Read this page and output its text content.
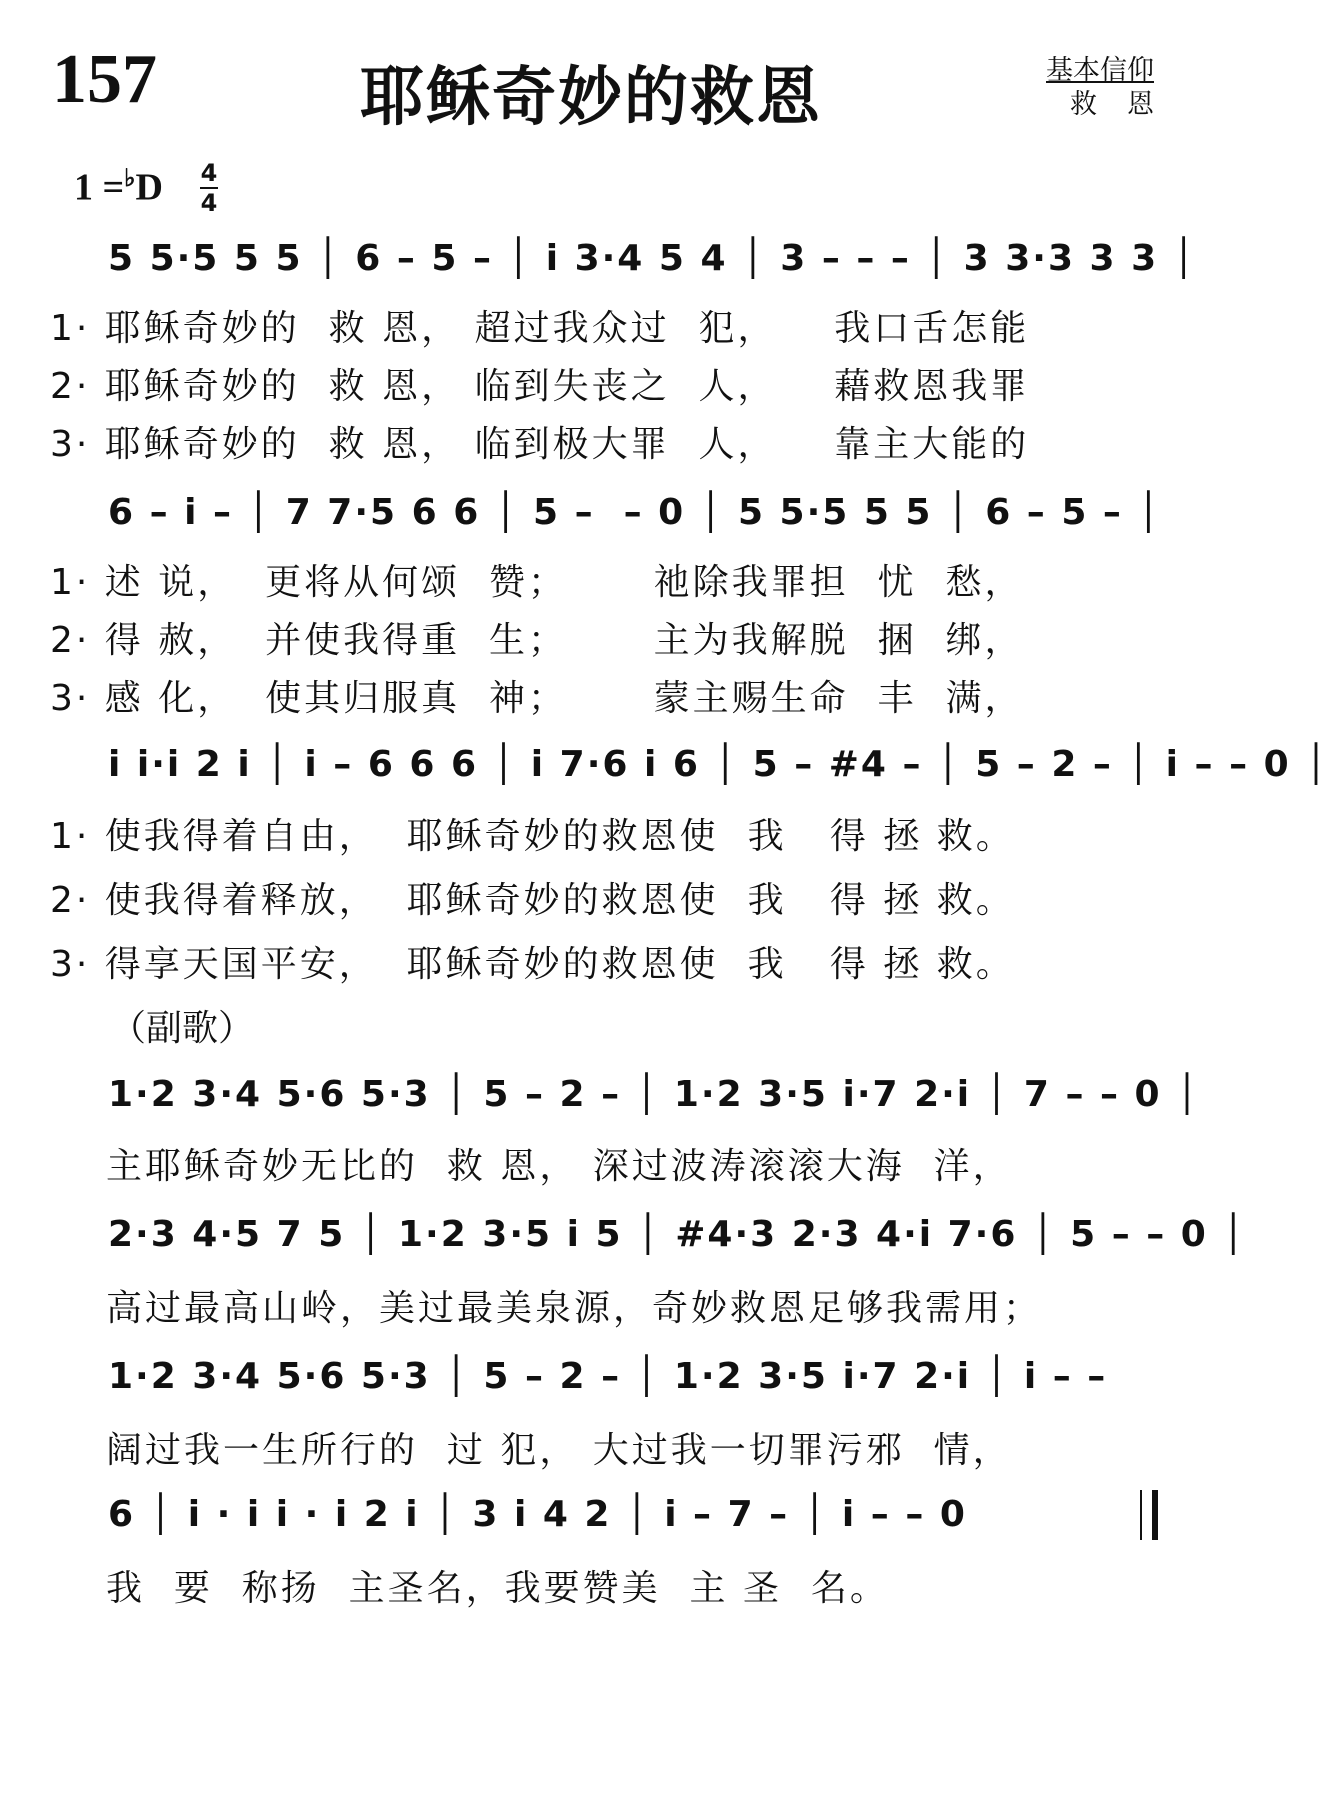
157	耶稣奇妙的救恩	基本信仰
救恩
1 =♭D 4
4
5 5·5 5 5 │ 6 – 5 – │ i 3·4 5 4 │ 3 – – – │ 3 3·3 3 3 │
1· 耶稣奇妙的  救 恩， 超过我众过  犯，    我口舌怎能
2· 耶稣奇妙的  救 恩， 临到失丧之  人，    藉救恩我罪
3· 耶稣奇妙的  救 恩， 临到极大罪  人，    靠主大能的
6 – i – │ 7 7·5 6 6 │ 5 –  – 0 │ 5 5·5 5 5 │ 6 – 5 – │
1· 述 说，  更将从何颂  赞；      祂除我罪担  忧  愁，
2· 得 赦，  并使我得重  生；      主为我解脱  捆  绑，
3· 感 化，  使其归服真  神；      蒙主赐生命  丰  满，
i i·i 2 i │ i – 6 6 6 │ i 7·6 i 6 │ 5 – #4 – │ 5 – 2 – │ i – – 0 │
1· 使我得着自由，  耶稣奇妙的救恩使  我   得 拯 救。
2· 使我得着释放，  耶稣奇妙的救恩使  我   得 拯 救。
3· 得享天国平安，  耶稣奇妙的救恩使  我   得 拯 救。
（副歌）
1·2 3·4 5·6 5·3 │ 5 – 2 – │ 1·2 3·5 i·7 2·i │ 7 – – 0 │
主耶稣奇妙无比的  救 恩， 深过波涛滚滚大海  洋，
2·3 4·5 7 5 │ 1·2 3·5 i 5 │ #4·3 2·3 4·i 7·6 │ 5 – – 0 │
高过最高山岭，美过最美泉源，奇妙救恩足够我需用；
1·2 3·4 5·6 5·3 │ 5 – 2 – │ 1·2 3·5 i·7 2·i │ i – –
阔过我一生所行的  过 犯， 大过我一切罪污邪  情，
6 │ i · i i · i 2 i │ 3 i 4 2 │ i – 7 – │ i – – 0
我  要  称扬  主圣名，我要赞美  主 圣  名。
